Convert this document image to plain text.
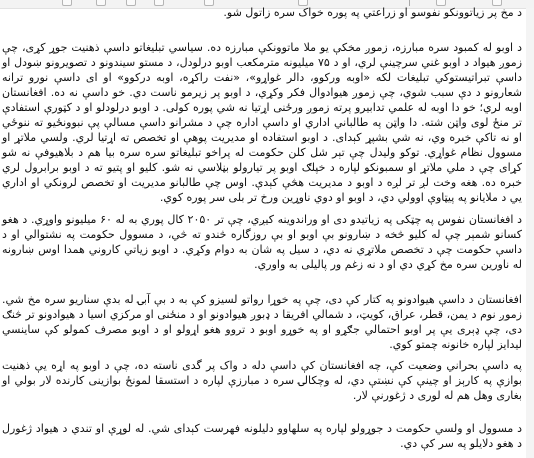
د مخ پر زیاتوونکو نفوسو او زراعتي په پوره خواک سره زاتول شو.

د اوبو له کمبود سره مبارزه، زموږ مخکې یو ملا ماتوونکې مبارزه ده. سیاسي تبلیغاتو داسې ذهنیت جوړ کړی، چې زموږ هیواد د اوبو غني سرچینې لري، او د ۷۵ میلیونه مترمکعب اوبو درلودل، د مستو سیندونو د تصویرونو ښودل او داسې تبراتیستوکي تبلیغات لکه «اوبه ورکوو، دالر غواړو»، «نفت راکړه، اوبه درکوو» او ای داسې نورو ترانه شعارونو د دې سبب شوي، چې زموږ هیوادوال فکر وکړي، د اوبو پر زیرمو ناست دي. خو داسې نه ده. افغانستان اوبه لري؛ خو دا اوبه له علمي تدابیرو پرته زموږ ورځنی اړتیا نه شي پوره کولی. د اوبو درلودلو او د کټورې استفادې تر منځ لوی واټن شته. دا واټن په طالباني اداري او داسې اداره چې د مشرانو داسې مسالې پې نبوونځیو ته ننوځي او نه تاکې خبره وي، نه شي بشپړ کېدای. د اوبو استفاده او مدیریت پوهې او تخصص ته اړتیا لري. ولسي ملاتړ او مسوول نظام غواړي. توکو ولیدل چې تېر شل کلن حکومت له پراخو تبلیغاتو سره سره بیا هم د بلاهیوفې نه شو کړای چې د ملي ملاتړ او سمبونکو لپاره د خپلګ اوبو پر تیارولو بڼلاسي نه شو. کلیو او پتیو ته د اوبو برابرول لري خبره ده. هغه وخت لږ تر لږه د اوبو د مدیریت هڅې کېدې. اوس چې طالبانو مدیریت او تخصص لرونکي او اداري يي د ملایانو په پیټاوې اوولي دي، د اوبو او دوي ناوړین ورخ تر بلی سر پوره کوي.

د افغانستان نفوس په چټکی په زیاتیدو دی او وراندوینه کیږي، چې تر ۲۰۵۰ کال پوري به له ۶۰ میلیونو واوړي. د هغو کسانو شمېر چې له کلیو څخه د ښارونو بې اوبو او بې روزگاره څندو ته څي، د مسوول حکومت په نشتوالي او د داسې حکومت چې د تخصص ملاتړي نه دي، د سیل په شان به دوام وکړي. د اوبو زیاتي کاروني همدا اوس ښارونه له ناورین سره مخ کړي دي او د نه زغم ور پالیلی به واوري.

افغانستان د داسې هیوادونو په کتار کې دی، چې په خوړا رواتو لسیزو کې به د بې آبۍ له بدې سناریو سره مخ شي. زموږ نوم د یمن، قطر، عراق، کویټ، د شمالي افریقا د ډبوږ هیوادونو او د منځنی او مرکزي اسیا د هیوادونو تر څنګ دی، چې ډېری یې پر اوبو احتمالي جګړو او په خوړو اوبو د تروو هغو اړولو او د اوبو مصرف کمولو کې ساینسي لیدایز لپاره خانونه چمتو کوي.

په داسې بحراني وضعیت کې، چه افغانستان کې داسې دله د واک پر گدی ناسته ده، چې د اوبو په اړه یې ذهنیت بوازې په کارېز او چینې کې نښتې دي، له وچکالۍ سره د مبارزې لپاره د استسقا لمونځ بوازینی کارنده لار بولي او بغاری وهل هم له لوری د ژغورنې لار.

د مسوول او ولسي حکومت د جوړولو لپاره په سلهاوو دلیلونه فهرست کېدای شي. له لوړې او تندي د هیواد ژغورل د هغو دلایلو په سر کې دي.
